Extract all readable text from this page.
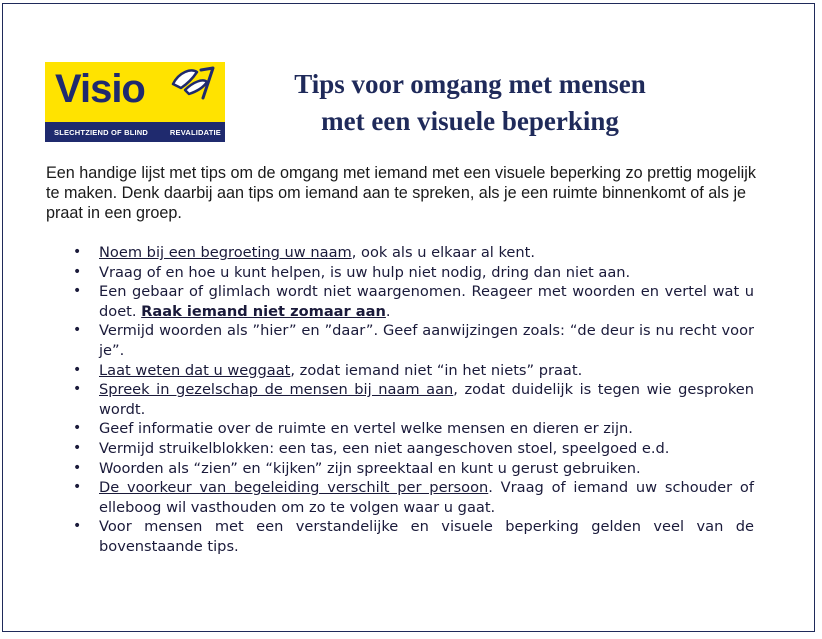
Visio
SLECHTZIEND OF BLIND	REVALIDATIE
Tips voor omgang met mensen
met een visuele beperking

Een handige lijst met tips om de omgang met iemand met een visuele beperking zo prettig mogelijk te maken. Denk daarbij aan tips om iemand aan te spreken, als je een ruimte binnenkomt of als je praat in een groep.

• Noem bij een begroeting uw naam, ook als u elkaar al kent.
• Vraag of en hoe u kunt helpen, is uw hulp niet nodig, dring dan niet aan.
• Een gebaar of glimlach wordt niet waargenomen. Reageer met woorden en vertel wat u doet. Raak iemand niet zomaar aan.
• Vermijd woorden als ”hier” en ”daar”. Geef aanwijzingen zoals: “de deur is nu recht voor je”.
• Laat weten dat u weggaat, zodat iemand niet “in het niets” praat.
• Spreek in gezelschap de mensen bij naam aan, zodat duidelijk is tegen wie gesproken wordt.
• Geef informatie over de ruimte en vertel welke mensen en dieren er zijn.
• Vermijd struikelblokken: een tas, een niet aangeschoven stoel, speelgoed e.d.
• Woorden als “zien” en “kijken” zijn spreektaal en kunt u gerust gebruiken.
• De voorkeur van begeleiding verschilt per persoon. Vraag of iemand uw schouder of elleboog wil vasthouden om zo te volgen waar u gaat.
• Voor mensen met een verstandelijke en visuele beperking gelden veel van de bovenstaande tips.
